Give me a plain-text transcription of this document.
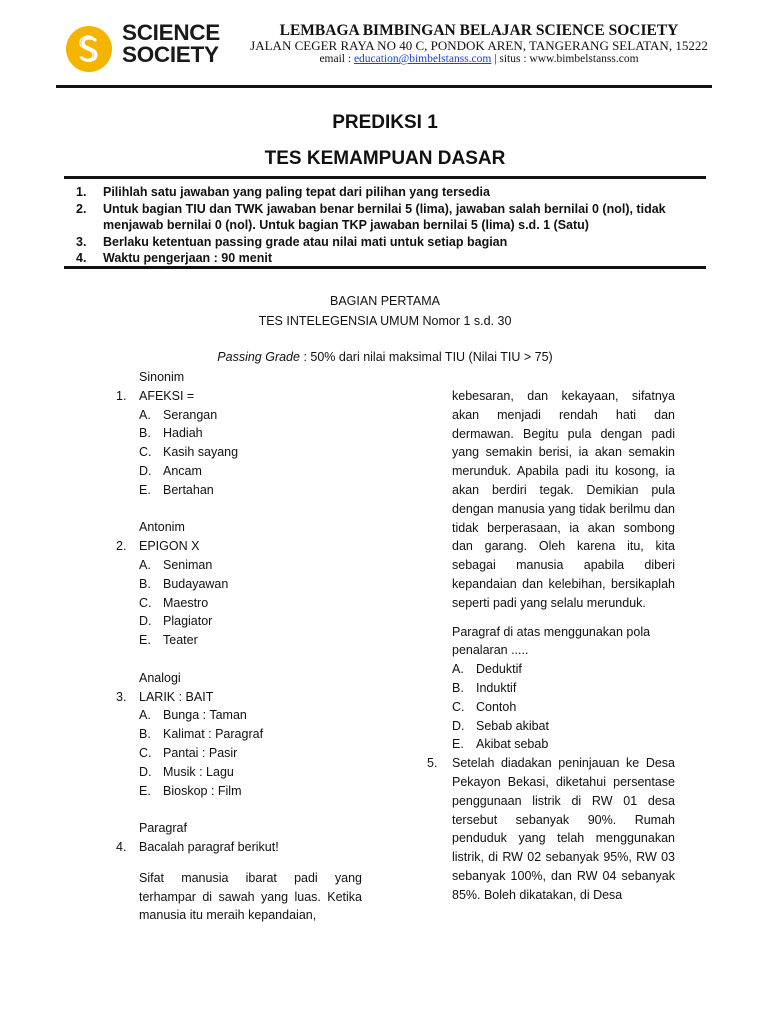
SCIENCE
SOCIETY
LEMBAGA BIMBINGAN BELAJAR SCIENCE SOCIETY
JALAN CEGER RAYA NO 40 C, PONDOK AREN, TANGERANG SELATAN, 15222
email : education@bimbelstanss.com | situs : www.bimbelstanss.com
PREDIKSI 1
TES KEMAMPUAN DASAR
1. Pilihlah satu jawaban yang paling tepat dari pilihan yang tersedia
2. Untuk bagian TIU dan TWK jawaban benar bernilai 5 (lima), jawaban salah bernilai 0 (nol), tidak menjawab bernilai 0 (nol). Untuk bagian TKP jawaban bernilai 5 (lima) s.d. 1 (Satu)
3. Berlaku ketentuan passing grade atau nilai mati untuk setiap bagian
4. Waktu pengerjaan : 90 menit
BAGIAN PERTAMA
TES INTELEGENSIA UMUM Nomor 1 s.d. 30
Passing Grade : 50% dari nilai maksimal TIU (Nilai TIU > 75)
Sinonim
1. AFEKSI =
A. Serangan
B. Hadiah
C. Kasih sayang
D. Ancam
E. Bertahan
Antonim
2. EPIGON X
A. Seniman
B. Budayawan
C. Maestro
D. Plagiator
E. Teater
Analogi
3. LARIK : BAIT
A. Bunga : Taman
B. Kalimat : Paragraf
C. Pantai : Pasir
D. Musik : Lagu
E. Bioskop : Film
Paragraf
4. Bacalah paragraf berikut!
Sifat manusia ibarat padi yang terhampar di sawah yang luas. Ketika manusia itu meraih kepandaian,
kebesaran, dan kekayaan, sifatnya akan menjadi rendah hati dan dermawan. Begitu pula dengan padi yang semakin berisi, ia akan semakin merunduk. Apabila padi itu kosong, ia akan berdiri tegak. Demikian pula dengan manusia yang tidak berilmu dan tidak berperasaan, ia akan sombong dan garang. Oleh karena itu, kita sebagai manusia apabila diberi kepandaian dan kelebihan, bersikaplah seperti padi yang selalu merunduk.
Paragraf di atas menggunakan pola penalaran .....
A. Deduktif
B. Induktif
C. Contoh
D. Sebab akibat
E. Akibat sebab
5. Setelah diadakan peninjauan ke Desa Pekayon Bekasi, diketahui persentase penggunaan listrik di RW 01 desa tersebut sebanyak 90%. Rumah penduduk yang telah menggunakan listrik, di RW 02 sebanyak 95%, RW 03 sebanyak 100%, dan RW 04 sebanyak 85%. Boleh dikatakan, di Desa
